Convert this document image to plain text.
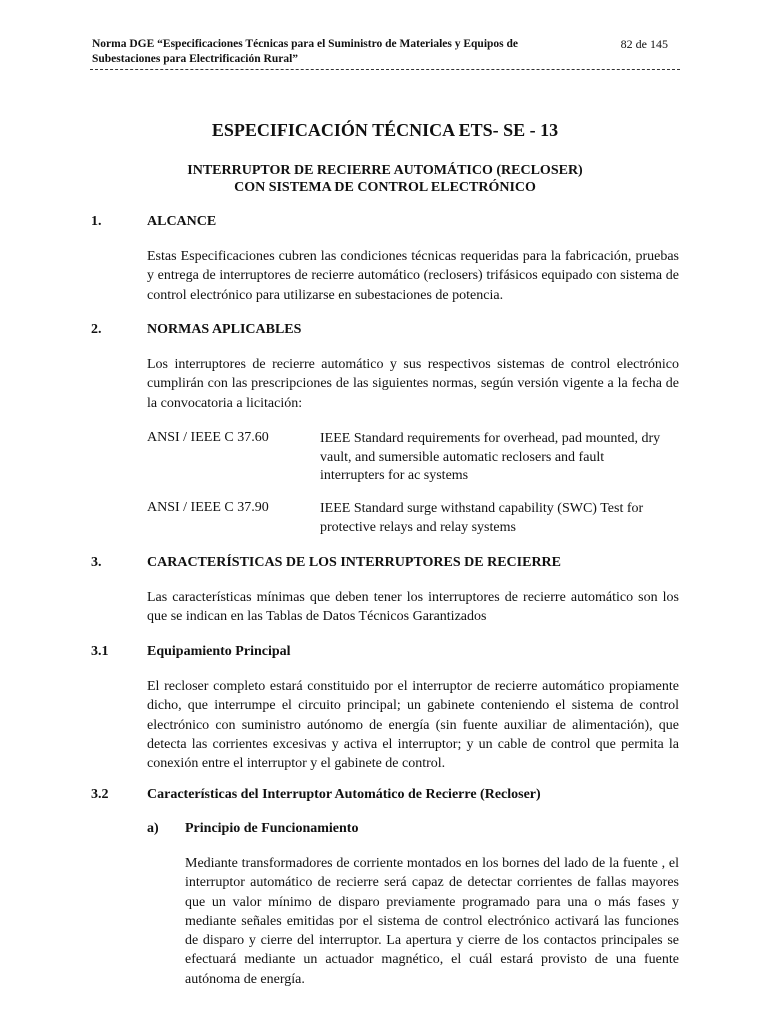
Norma DGE “Especificaciones Técnicas para el Suministro de Materiales y Equipos de
Subestaciones para Electrificación Rural”
82 de 145
ESPECIFICACIÓN TÉCNICA ETS- SE - 13
INTERRUPTOR DE RECIERRE AUTOMÁTICO (RECLOSER)
CON SISTEMA DE CONTROL ELECTRÓNICO
1.	ALCANCE
Estas Especificaciones cubren las condiciones técnicas requeridas para la fabricación, pruebas y entrega de interruptores de recierre automático (reclosers) trifásicos equipado con sistema de control electrónico para utilizarse en subestaciones de potencia.
2.	NORMAS APLICABLES
Los interruptores de recierre automático y sus respectivos sistemas de control electrónico cumplirán con las prescripciones de las siguientes normas, según versión vigente a la fecha de la convocatoria a licitación:
ANSI / IEEE C 37.60	IEEE Standard requirements for overhead, pad mounted, dry vault, and sumersible automatic reclosers and fault interrupters for ac systems
ANSI / IEEE C 37.90	IEEE Standard surge withstand capability (SWC) Test for protective relays and relay systems
3.	CARACTERÍSTICAS DE LOS INTERRUPTORES DE RECIERRE
Las características mínimas que deben tener los interruptores de recierre automático son los que se indican en las Tablas de Datos Técnicos Garantizados
3.1	Equipamiento Principal
El recloser completo estará constituido por el interruptor de recierre automático propiamente dicho, que interrumpe el circuito principal; un gabinete conteniendo el sistema de control electrónico con suministro autónomo de energía (sin fuente auxiliar de alimentación), que detecta las corrientes excesivas y activa el interruptor; y un cable de control que permita la conexión entre el interruptor y el gabinete de control.
3.2	Características del Interruptor Automático de Recierre (Recloser)
a) Principio de Funcionamiento
Mediante transformadores de corriente montados en los bornes del lado de la fuente , el interruptor automático de recierre será capaz de detectar corrientes de fallas mayores que un valor mínimo de disparo previamente programado para una o más fases y mediante señales emitidas por el sistema de control electrónico activará las funciones de disparo y cierre del interruptor. La apertura y cierre de los contactos principales se efectuará mediante un actuador magnético, el cuál estará provisto de una fuente autónoma de energía.
